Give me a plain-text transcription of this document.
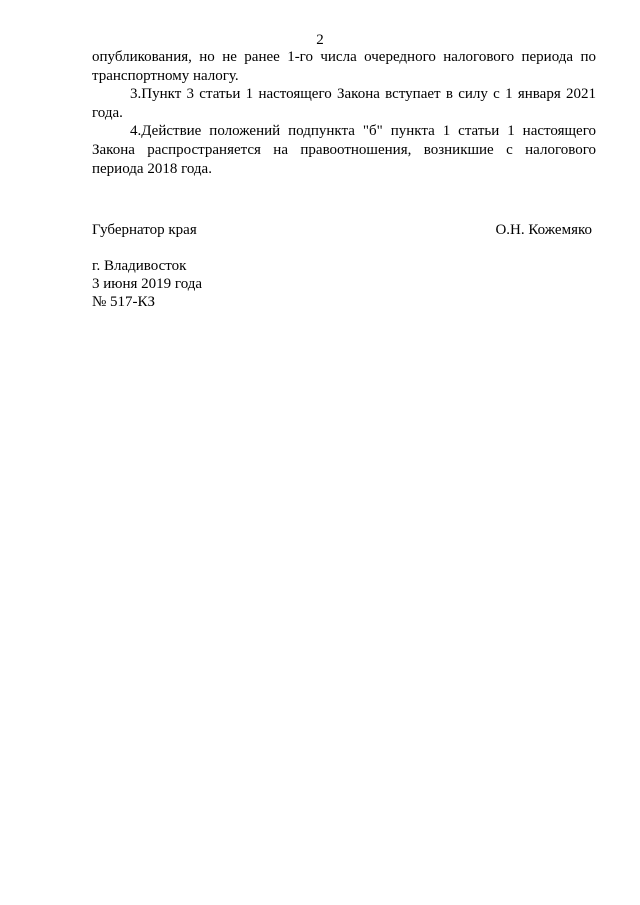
2

опубликования, но не ранее 1-го числа очередного налогового периода по транспортному налогу.

3.Пункт 3 статьи 1 настоящего Закона вступает в силу с 1 января 2021 года.

4.Действие положений подпункта "б" пункта 1 статьи 1 настоящего Закона распространяется на правоотношения, возникшие с налогового периода 2018 года.

Губернатор края	О.Н. Кожемяко
г. Владивосток
3 июня 2019 года
№ 517-КЗ
